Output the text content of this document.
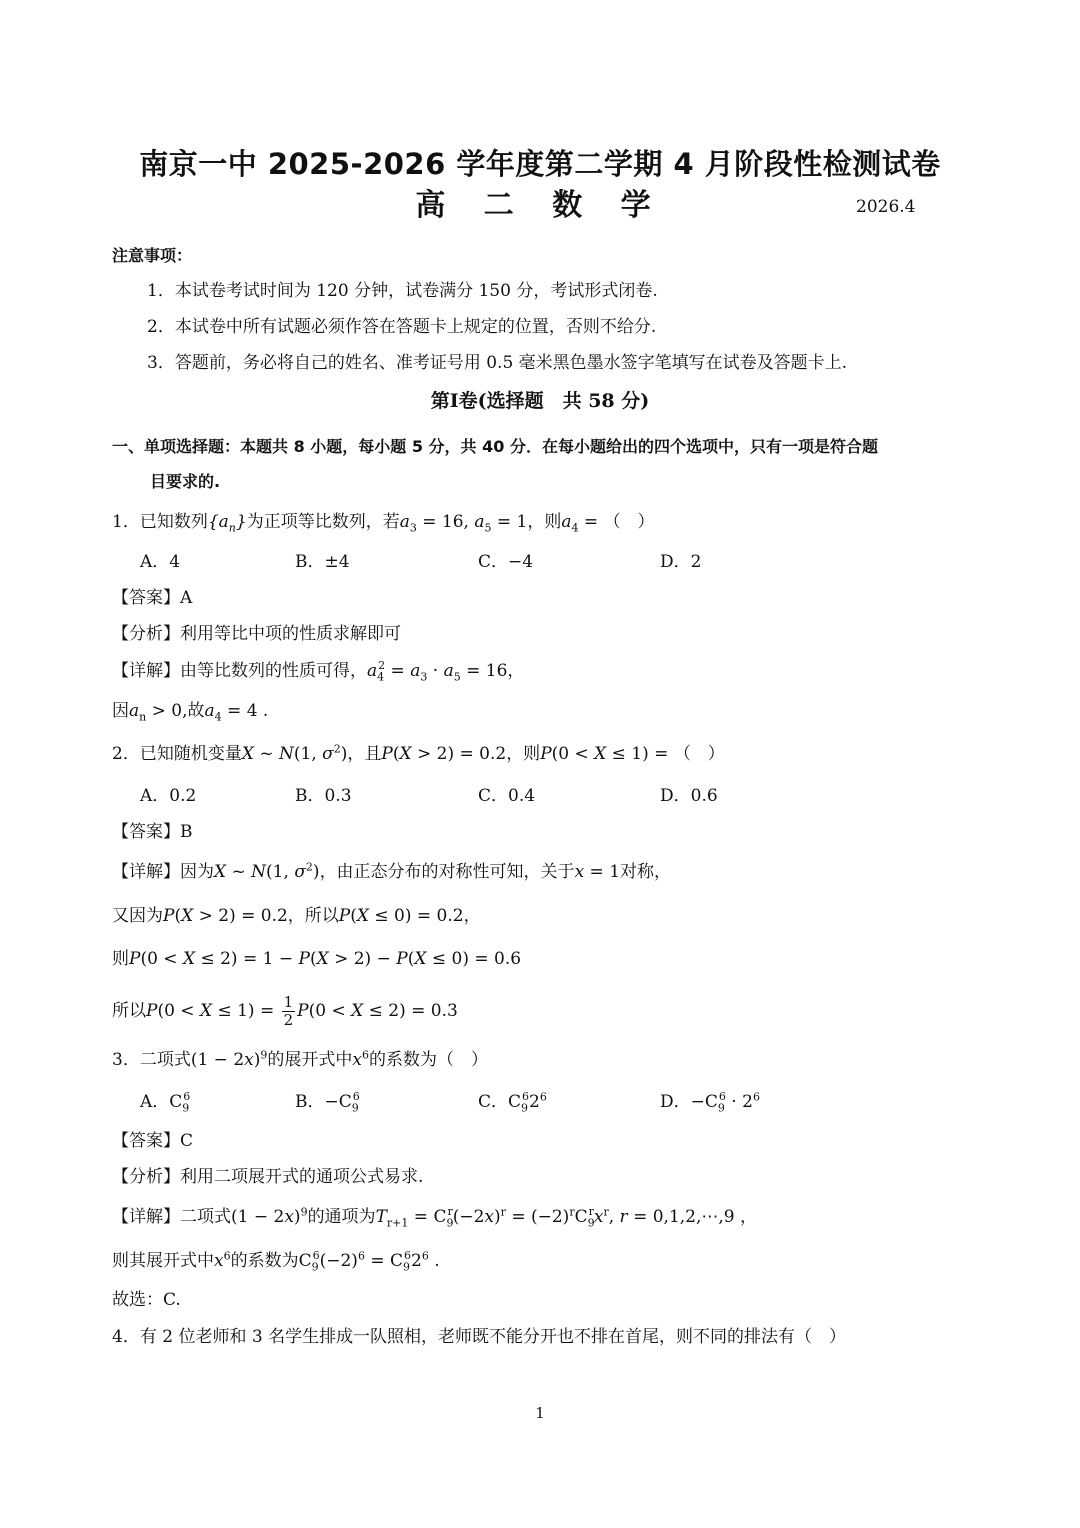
南京一中 2025-2026 学年度第二学期 4 月阶段性检测试卷
高 二 数 学	2026.4
注意事项：
1．本试卷考试时间为 120 分钟，试卷满分 150 分，考试形式闭卷.
2．本试卷中所有试题必须作答在答题卡上规定的位置，否则不给分.
3．答题前，务必将自己的姓名、准考证号用 0.5 毫米黑色墨水签字笔填写在试卷及答题卡上.
第Ⅰ卷(选择题　共 58 分)
一、单项选择题：本题共 8 小题，每小题 5 分，共 40 分．在每小题给出的四个选项中，只有一项是符合题
目要求的.
1．已知数列$\{a_n\}$为正项等比数列，若$a_3 = 16$, $a_5 = 1$，则$a_4$ = （　）
A．4	B．±4	C．−4	D．2
【答案】A
【分析】利用等比中项的性质求解即可
【详解】由等比数列的性质可得，$a_4^2 = a_3 \cdot a_5 = 16$，
因$a_n > 0$,故$a_4 = 4$ .
2．已知随机变量X ~ N(1, $\sigma^2$)，且P(X > 2) = 0.2，则P(0 < X ≤ 1) = （　）
A．0.2	B．0.3	C．0.4	D．0.6
【答案】B
【详解】因为X ~ N(1, $\sigma^2$)，由正态分布的对称性可知，关于x = 1对称，
又因为P(X > 2) = 0.2，所以P(X ≤ 0) = 0.2，
则P(0 < X ≤ 2) = 1 − P(X > 2) − P(X ≤ 0) = 0.6
所以$P(0 < X \le 1) = \frac{1}{2} P(0 < X \le 2) = 0.3$
3．二项式$(1 - 2x)^9$的展开式中$x^6$的系数为（　）
A．$C_9^6$	B．$-C_9^6$	C．$C_9^62^6$	D．$-C_9^6 \cdot 2^6$
【答案】C
【分析】利用二项展开式的通项公式易求.
【详解】二项式$(1 - 2x)^9$的通项为$T_{r+1} = C_9^r(-2x)^r = (-2)^rC_9^rx^r$, r = 0,1,2,⋯,9 ，
则其展开式中$x^6$的系数为$C_9^6(-2)^6 = C_9^62^6$ .
故选：C.
4．有 2 位老师和 3 名学生排成一队照相，老师既不能分开也不排在首尾，则不同的排法有（　）
1
